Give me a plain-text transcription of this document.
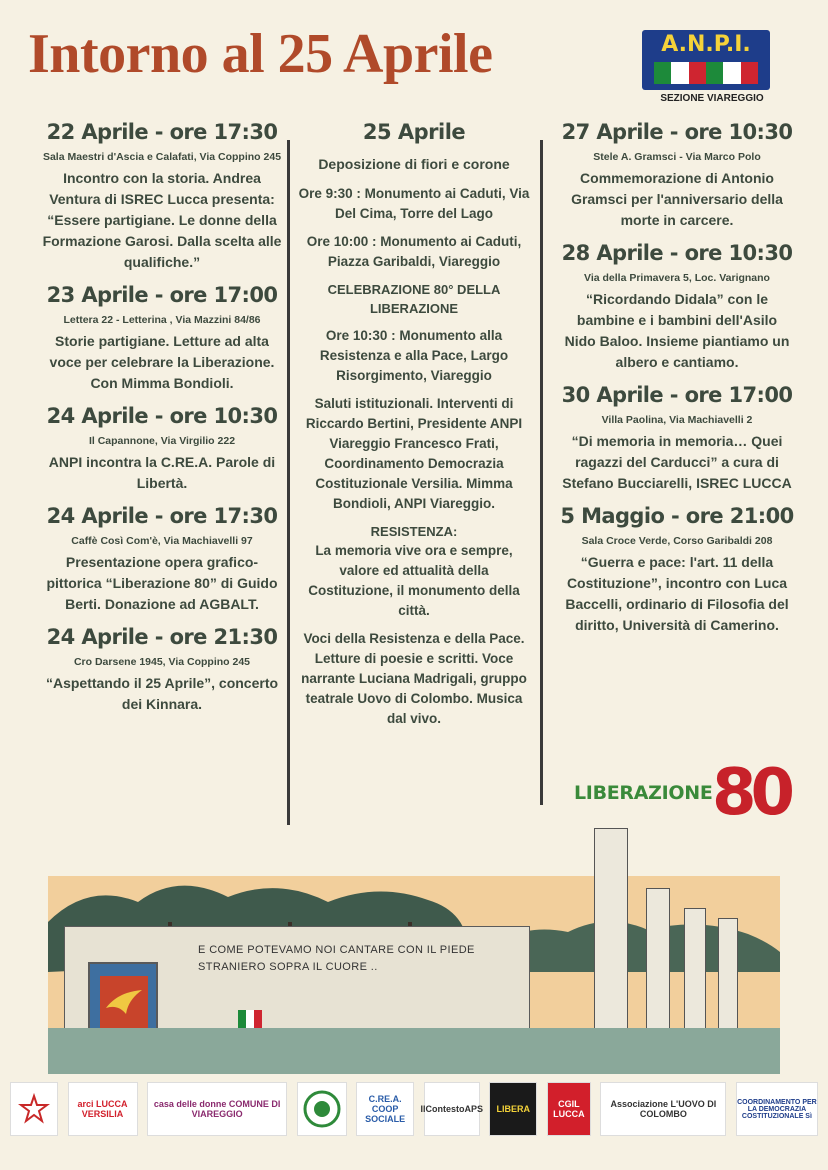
Intorno al 25 Aprile	A.N.P.I.
SEZIONE VIAREGGIO
22 Aprile - ore 17:30
Sala Maestri d'Ascia e Calafati, Via Coppino 245
Incontro con la storia. Andrea Ventura di ISREC Lucca presenta: “Essere partigiane. Le donne della Formazione Garosi. Dalla scelta alle qualifiche.”
23 Aprile - ore 17:00
Lettera 22 - Letterina , Via Mazzini 84/86
Storie partigiane. Letture ad alta voce per celebrare la Liberazione. Con Mimma Bondioli.
24 Aprile - ore 10:30
Il Capannone, Via Virgilio 222
ANPI incontra la C.RE.A. Parole di Libertà.
24 Aprile - ore 17:30
Caffè Così Com'è, Via Machiavelli 97
Presentazione opera grafico-pittorica “Liberazione 80” di Guido Berti. Donazione ad AGBALT.
24 Aprile - ore 21:30
Cro Darsene 1945, Via Coppino 245
“Aspettando il 25 Aprile”, concerto dei Kinnara.
25 Aprile
Deposizione di fiori e corone
Ore 9:30 : Monumento ai Caduti, Via Del Cima, Torre del Lago
Ore 10:00 : Monumento ai Caduti, Piazza Garibaldi, Viareggio
CELEBRAZIONE 80° DELLA LIBERAZIONE
Ore 10:30 : Monumento alla Resistenza e alla Pace, Largo Risorgimento, Viareggio
Saluti istituzionali. Interventi di Riccardo Bertini, Presidente ANPI Viareggio Francesco Frati, Coordinamento Democrazia Costituzionale Versilia. Mimma Bondioli, ANPI Viareggio.
RESISTENZA:
La memoria vive ora e sempre, valore ed attualità della Costituzione, il monumento della città.
Voci della Resistenza e della Pace. Letture di poesie e scritti. Voce narrante Luciana Madrigali, gruppo teatrale Uovo di Colombo. Musica dal vivo.
27 Aprile - ore 10:30
Stele A. Gramsci - Via Marco Polo
Commemorazione di Antonio Gramsci per l'anniversario della morte in carcere.
28 Aprile - ore 10:30
Via della Primavera 5, Loc. Varignano
“Ricordando Didala” con le bambine e i bambini dell'Asilo Nido Baloo. Insieme piantiamo un albero e cantiamo.
30 Aprile - ore 17:00
Villa Paolina, Via Machiavelli 2
“Di memoria in memoria… Quei ragazzi del Carducci” a cura di Stefano Bucciarelli, ISREC LUCCA
5 Maggio - ore 21:00
Sala Croce Verde, Corso Garibaldi 208
“Guerra e pace: l'art. 11 della Costituzione”, incontro con Luca Baccelli, ordinario di Filosofia del diritto, Università di Camerino.
LIBERAZIONE 80
E COME POTEVAMO NOI CANTARE CON IL PIEDE STRANIERO SOPRA IL CUORE ..
arci LUCCA VERSILIA
casa delle donne COMUNE DI VIAREGGIO
C.RE.A. COOP SOCIALE
IlContestoAPS	LIBERA	CGIL LUCCA
Associazione L'UOVO DI COLOMBO
COORDINAMENTO PER LA DEMOCRAZIA COSTITUZIONALE Sì
